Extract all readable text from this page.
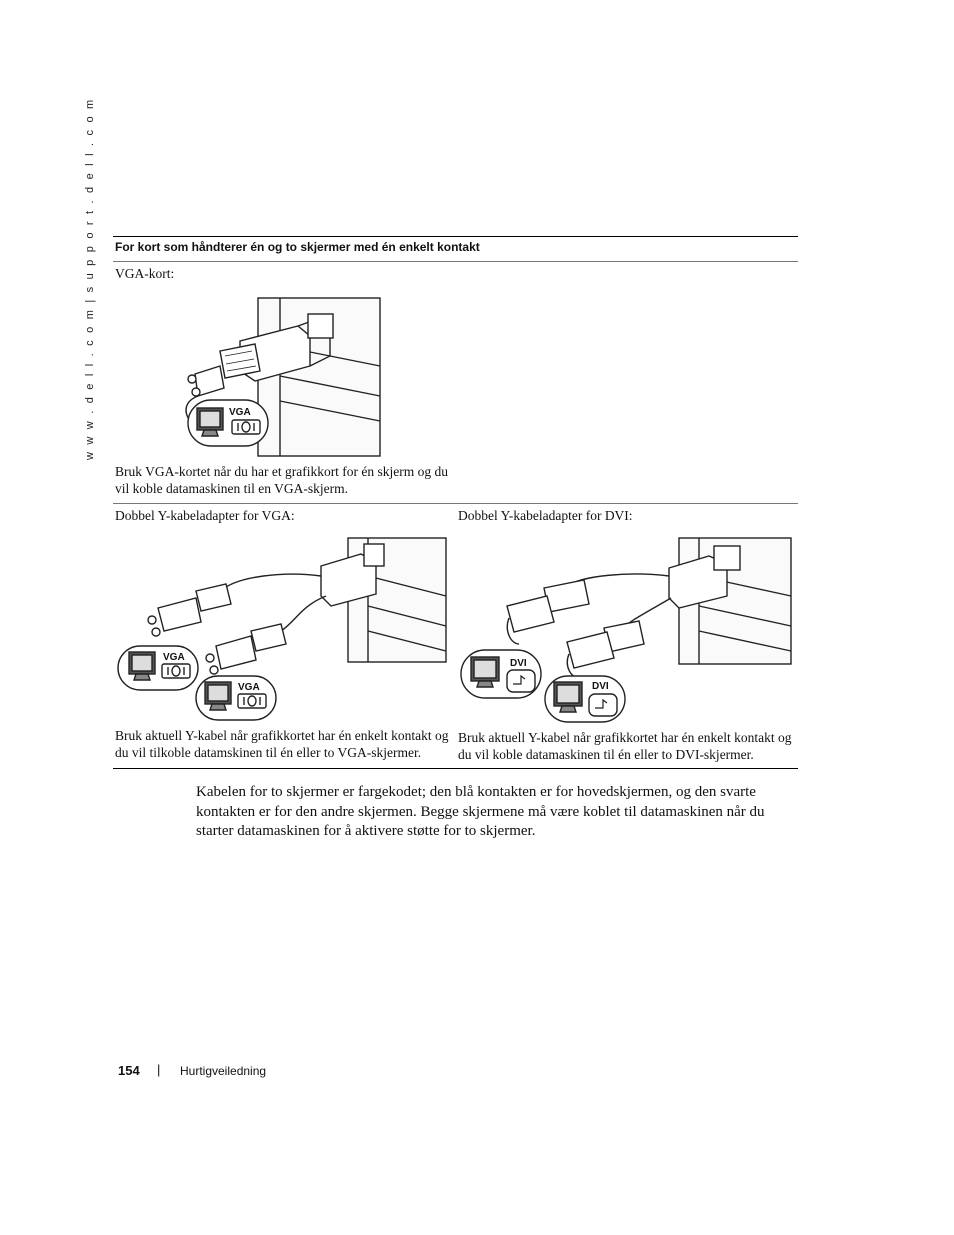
w w w . d e l l . c o m | s u p p o r t . d e l l . c o m For kort som håndterer én og to skjermer med én enkelt kontakt
VGA-kort:
VGA
Bruk VGA-kortet når du har et grafikkort for én skjerm og du vil koble datamaskinen til en VGA-skjerm.
Dobbel Y-kabeladapter for VGA:
VGA
VGA
Bruk aktuell Y-kabel når grafikkortet har én enkelt kontakt og du vil tilkoble datamskinen til én eller to VGA-skjermer.
Dobbel Y-kabeladapter for DVI:
DVI
DVI
Bruk aktuell Y-kabel når grafikkortet har én enkelt kontakt og du vil koble datamaskinen til én eller to DVI-skjermer.
Kabelen for to skjermer er fargekodet; den blå kontakten er for hovedskjermen, og den svarte kontakten er for den andre skjermen. Begge skjermene må være koblet til datamaskinen når du starter datamaskinen for å aktivere støtte for to skjermer.
154 | Hurtigveiledning
